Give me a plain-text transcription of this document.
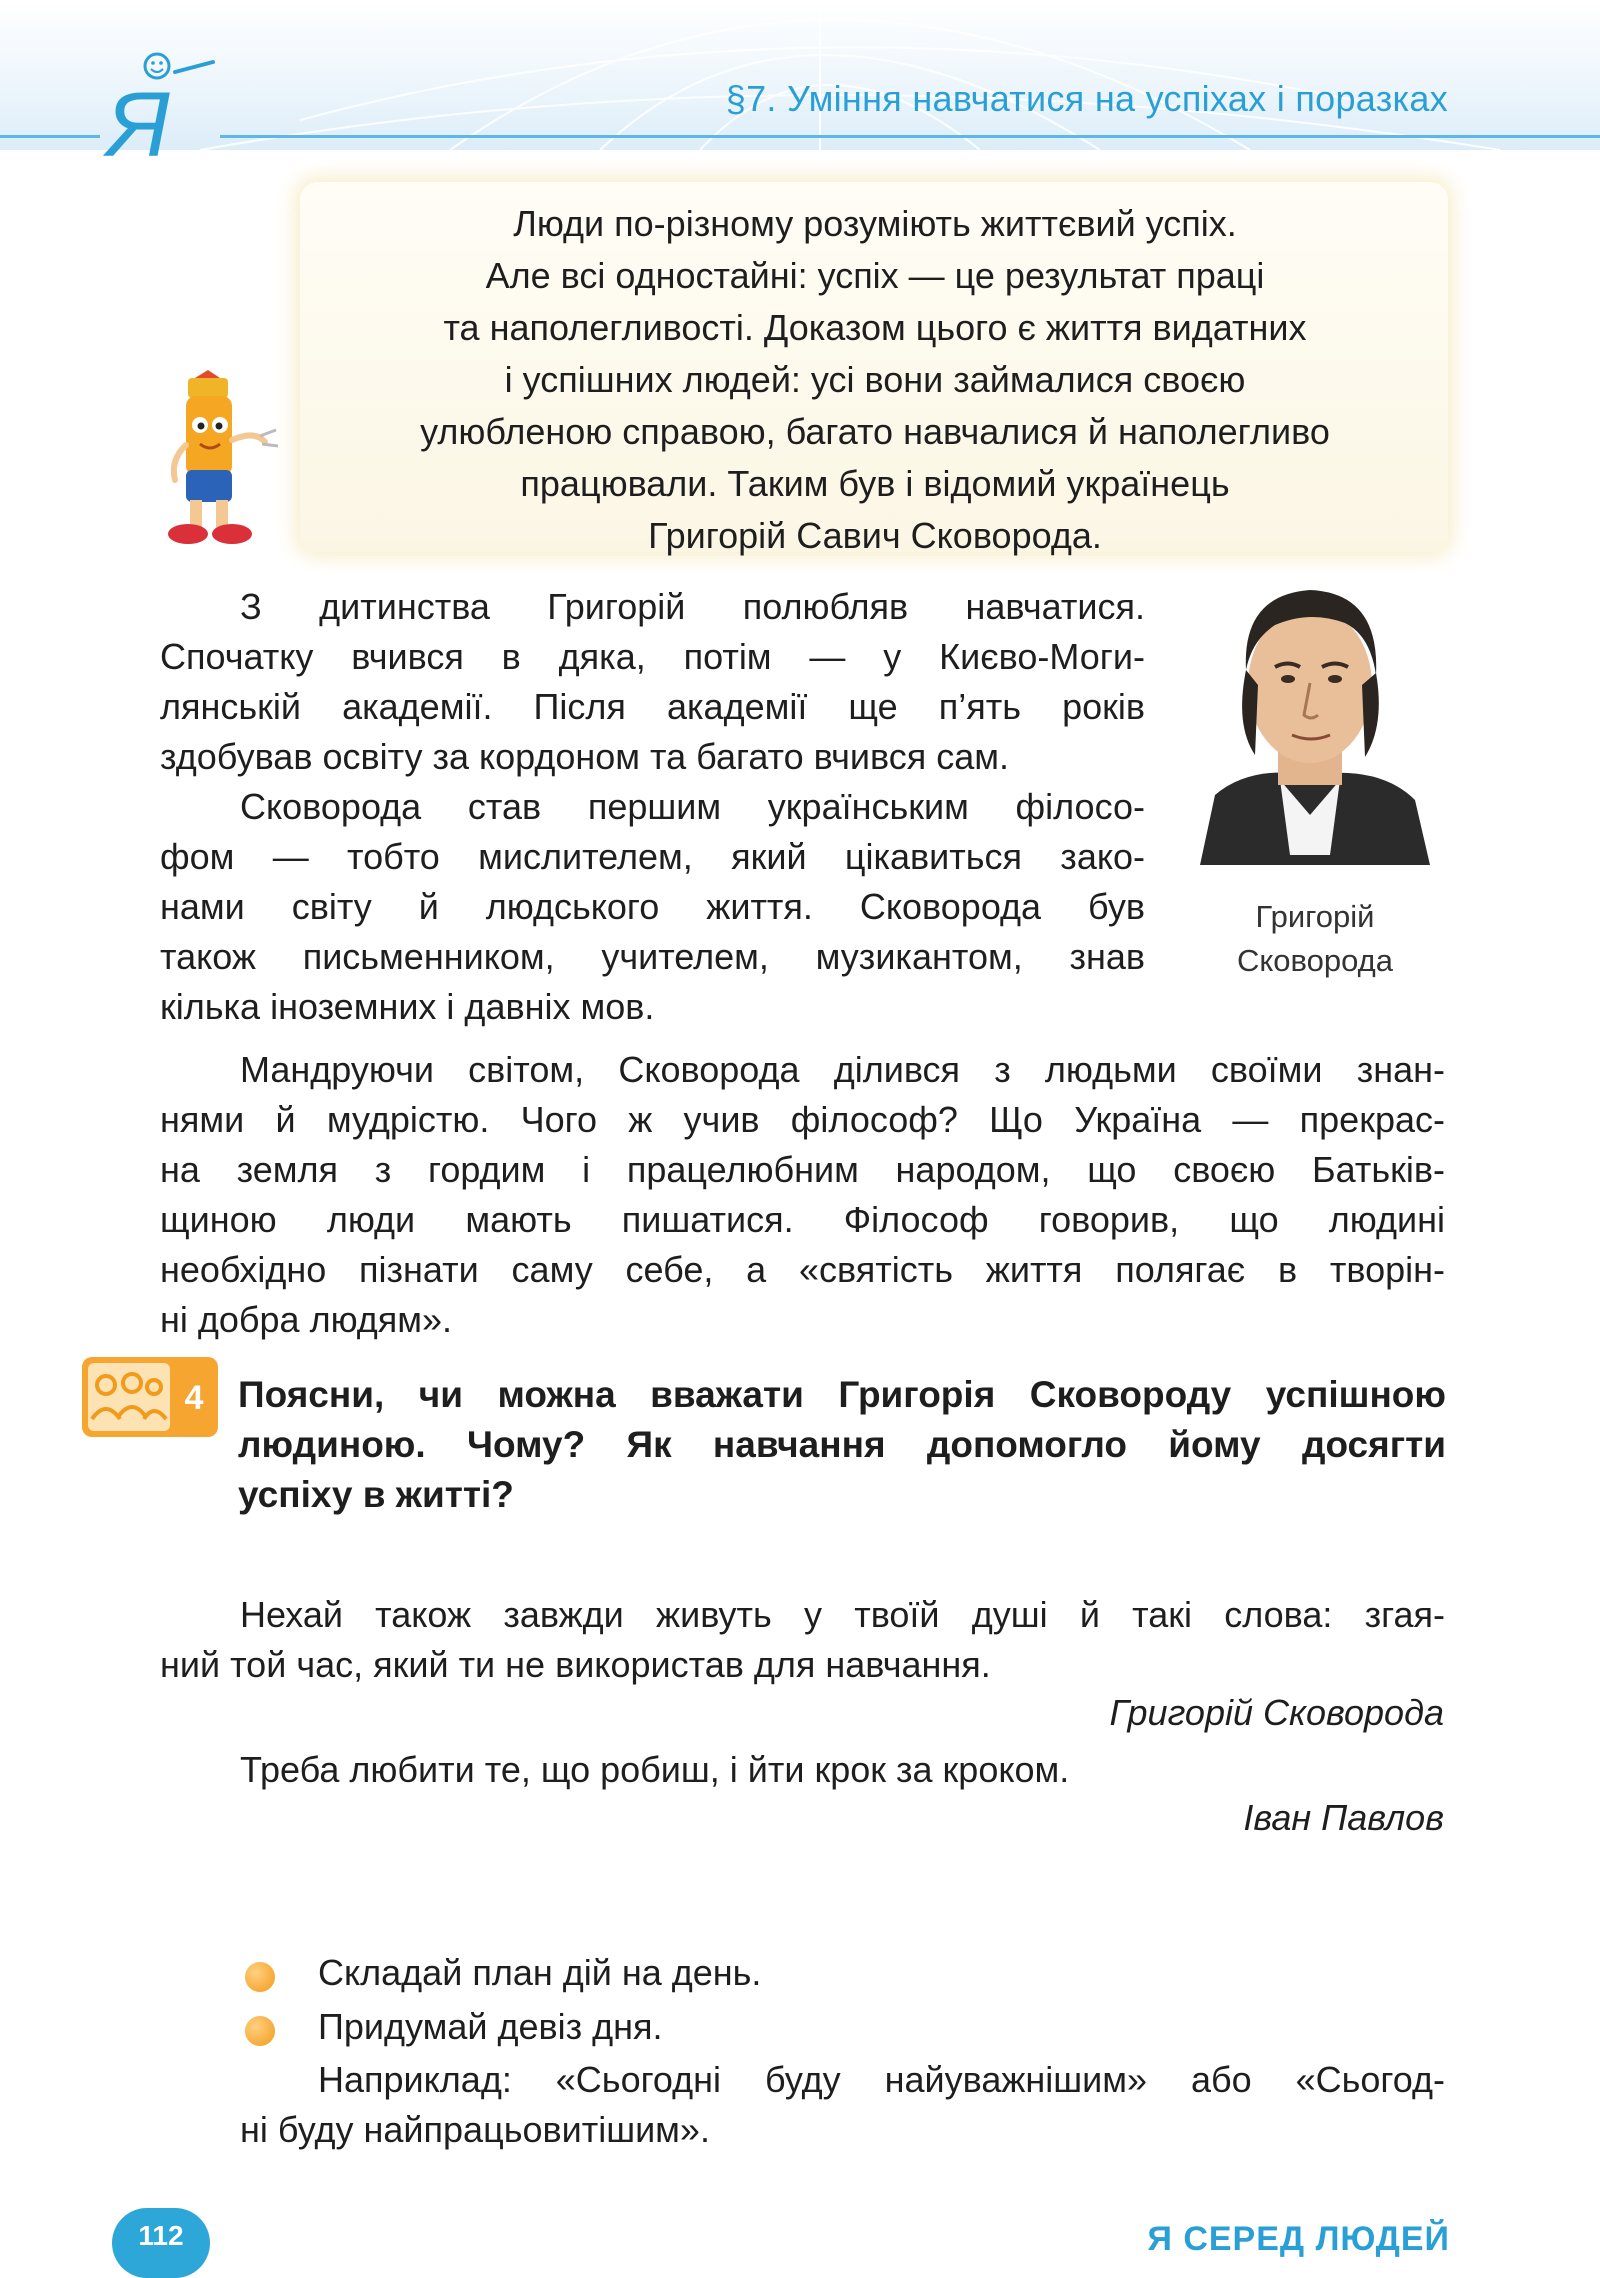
Я	§7. Уміння навчатися на успіхах і поразках
Люди по-різному розуміють життєвий успіх.
Але всі одностайні: успіх — це результат праці
та наполегливості. Доказом цього є життя видатних
і успішних людей: усі вони займалися своєю
улюбленою справою, багато навчалися й наполегливо
працювали. Таким був і відомий українець
Григорій Савич Сковорода.
З дитинства Григорій полюбляв навчатися.
Спочатку вчився в дяка, потім — у Києво-Моги-
лянській академії. Після академії ще п’ять років
здобував освіту за кордоном та багато вчився сам.
Сковорода став першим українським філосо-
фом — тобто мислителем, який цікавиться зако-
нами світу й людського життя. Сковорода був
також письменником, учителем, музикантом, знав
кілька іноземних і давніх мов.
Григорій
Сковорода
Мандруючи світом, Сковорода ділився з людьми своїми знан-
нями й мудрістю. Чого ж учив філософ? Що Україна — прекрас-
на земля з гордим і працелюбним народом, що своєю Батьків-
щиною люди мають пишатися. Філософ говорив, що людині
необхідно пізнати саму себе, а «святість життя полягає в творін-
ні добра людям».
4 Поясни, чи можна вважати Григорія Сковороду успішною
людиною. Чому? Як навчання допомогло йому досягти
успіху в житті?
Нехай також завжди живуть у твоїй душі й такі слова: згая-
ний той час, який ти не використав для навчання.
Григорій Сковорода
Треба любити те, що робиш, і йти крок за кроком.
Іван Павлов
Складай план дій на день.
Придумай девіз дня.
Наприклад: «Сьогодні буду найуважнішим» або «Сьогод-
ні буду найпрацьовитішим».
112	Я СЕРЕД ЛЮДЕЙ
